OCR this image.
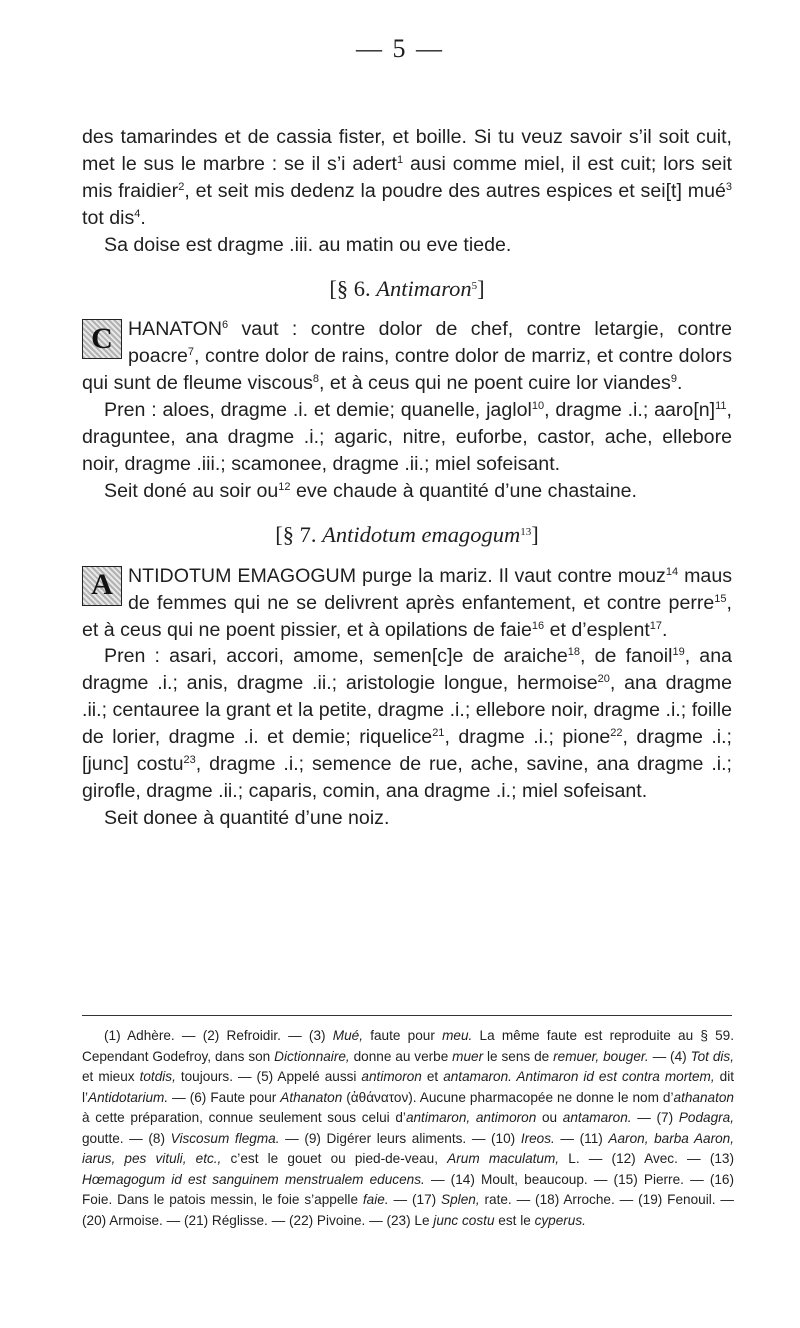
— 5 —

des tamarindes et de cassia fister, et boille. Si tu veuz savoir s’il soit cuit, met le sus le marbre : se il s’i adert$^1$ ausi comme miel, il est cuit; lors seit mis fraidier$^2$, et seit mis dedenz la poudre des autres espices et sei[t] mué$^3$ tot dis$^4$.

Sa doise est dragme .iii. au matin ou eve tiede.

[§ 6. Antimaron$^5$]

C HANATON$^6$ vaut : contre dolor de chef, contre letargie, contre poacre$^7$, contre dolor de rains, contre dolor de marriz, et contre dolors qui sunt de fleume viscous$^8$, et à ceus qui ne poent cuire lor viandes$^9$.

Pren : aloes, dragme .i. et demie; quanelle, jaglol$^{10}$, dragme .i.; $aaro[n]^{11}$, draguntee, ana dragme .i.; agaric, nitre, euforbe, castor, ache, ellebore noir, dragme .iii.; scamonee, dragme .ii.; miel sofeisant.

Seit doné au soir $ou^{12}$ eve chaude à quantité d’une chastaine.

[§ 7. Antidotum emagogum$^{13}$]

A NTIDOTUM EMAGOGUM purge la mariz. Il vaut contre mouz$^{14}$ maus de femmes qui ne se delivrent après enfantement, et contre perre$^{15}$, et à ceus qui ne poent pissier, et à opilations de faie$^{16}$ et d’esplent$^{17}$.

Pren : asari, accori, amome, semen[c]e de araiche$^{18}$, de fanoil$^{19}$, ana dragme .i.; anis, dragme .ii.; aristologie longue, hermoise$^{20}$, ana dragme .ii.; centauree la grant et la petite, dragme .i.; ellebore noir, dragme .i.; foille de lorier, dragme .i. et demie; riquelice$^{21}$, dragme .i.; pione$^{22}$, dragme .i.; [junc] costu$^{23}$, dragme .i.; semence de rue, ache, savine, ana dragme .i.; girofle, dragme .ii.; caparis, comin, ana dragme .i.; miel sofeisant.

Seit donee à quantité d’une noiz.

(1) Adhère. — (2) Refroidir. — (3) Mué, faute pour meu. La même faute est reproduite au § 59. Cependant Godefroy, dans son Dictionnaire, donne au verbe muer le sens de remuer, bouger. — (4) Tot dis, et mieux totdis, toujours. — (5) Appelé aussi antimoron et antamaron. Antimaron id est contra mortem, dit l’Antidotarium. — (6) Faute pour Athanaton (ἀθάνατον). Aucune pharmacopée ne donne le nom d’athanaton à cette préparation, connue seulement sous celui d’antimaron, antimoron ou antamaron. — (7) Podagra, goutte. — (8) Viscosum flegma. — (9) Digérer leurs aliments. — (10) Ireos. — (11) Aaron, barba Aaron, iarus, pes vituli, etc., c’est le gouet ou pied-de-veau, Arum maculatum, L. — (12) Avec. — (13) Hœmagogum id est sanguinem menstrualem educens. — (14) Moult, beaucoup. — (15) Pierre. — (16) Foie. Dans le patois messin, le foie s’appelle faie. — (17) Splen, rate. — (18) Arroche. — (19) Fenouil. — (20) Armoise. — (21) Réglisse. — (22) Pivoine. — (23) Le junc costu est le cyperus.
